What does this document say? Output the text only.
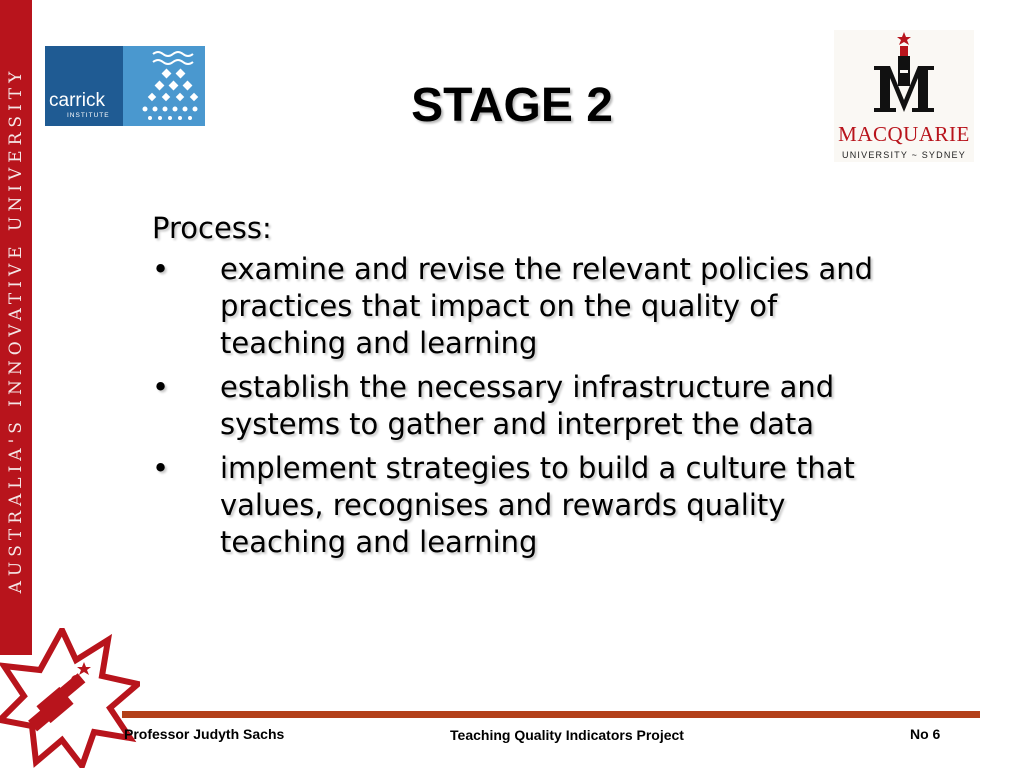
AUSTRALIA'S INNOVATIVE UNIVERSITY carrick
INSTITUTE	STAGE 2
MACQUARIE
UNIVERSITY ~ SYDNEY

Process:

• examine and revise the relevant policies and practices that impact on the quality of teaching and learning
• establish the necessary infrastructure and systems to gather and interpret the data
• implement strategies to build a culture that values, recognises and rewards quality teaching and learning
Professor Judyth Sachs	Teaching Quality Indicators Project	No 6
